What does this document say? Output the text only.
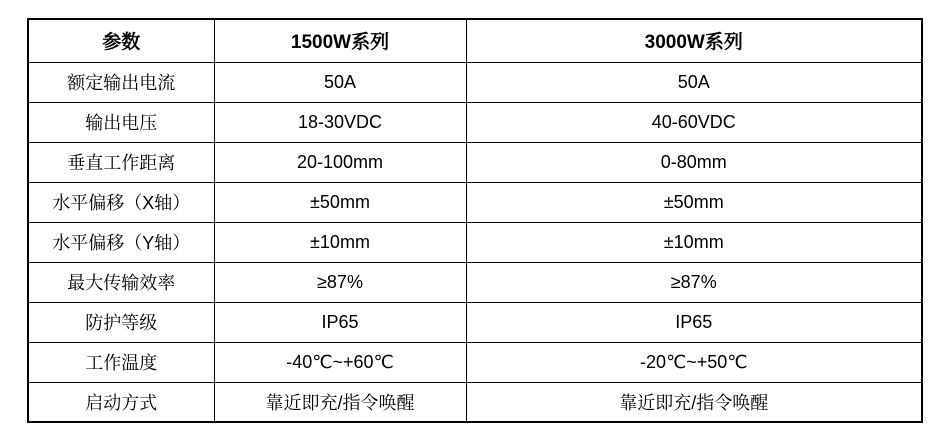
参数	1500W系列	3000W系列
额定输出电流	50A	50A
输出电压	18-30VDC	40-60VDC
垂直工作距离	20-100mm	0-80mm
水平偏移（X轴）	±50mm	±50mm
水平偏移（Y轴）	±10mm	±10mm
最大传输效率	≥87%	≥87%
防护等级	IP65	IP65
工作温度	-40℃~+60℃	-20℃~+50℃
启动方式	靠近即充/指令唤醒	靠近即充/指令唤醒
